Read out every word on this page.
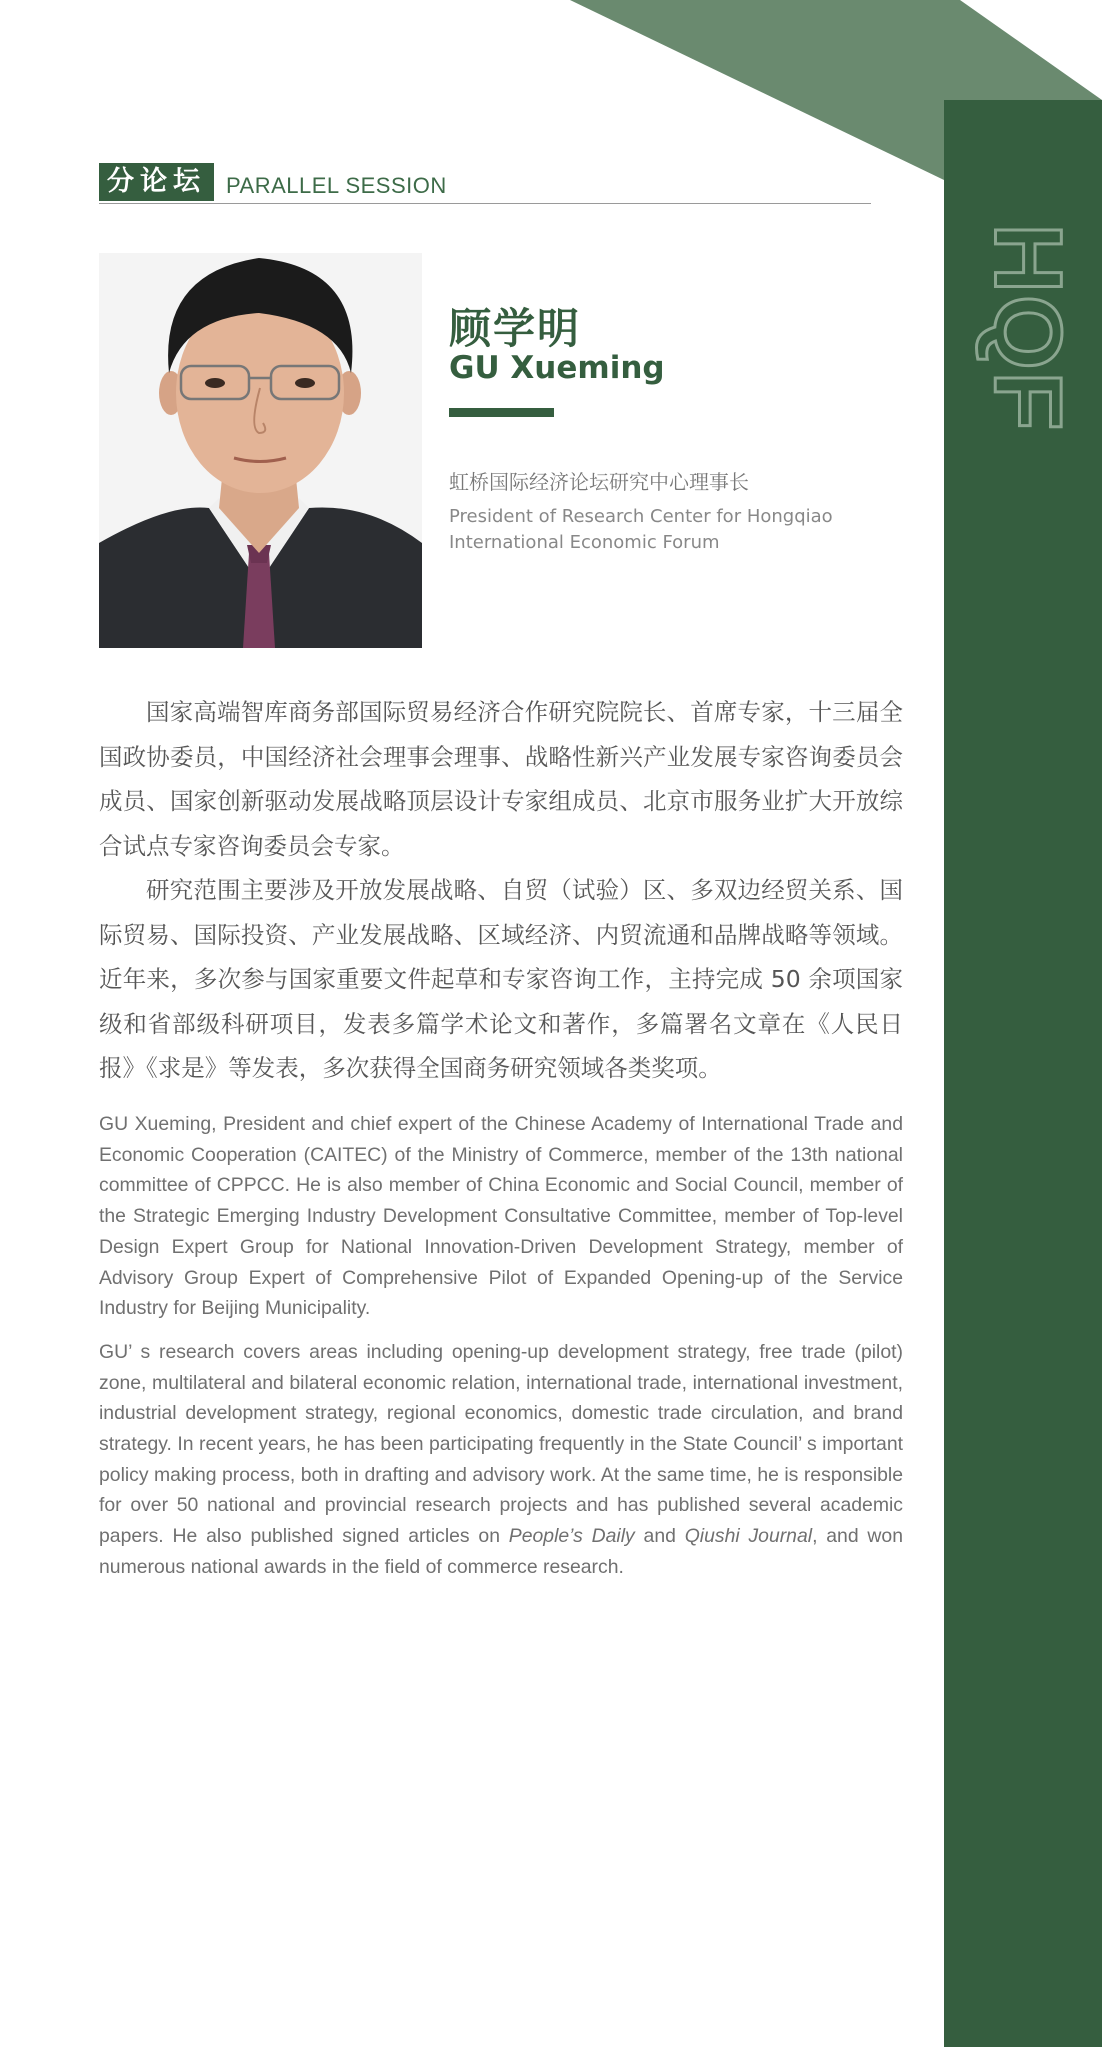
HQF
分论坛 PARALLEL SESSION
顾学明
GU Xueming
虹桥国际经济论坛研究中心理事长
President of Research Center for Hongqiao International Economic Forum

国家高端智库商务部国际贸易经济合作研究院院长、首席专家，十三届全国政协委员，中国经济社会理事会理事、战略性新兴产业发展专家咨询委员会成员、国家创新驱动发展战略顶层设计专家组成员、北京市服务业扩大开放综合试点专家咨询委员会专家。

研究范围主要涉及开放发展战略、自贸（试验）区、多双边经贸关系、国际贸易、国际投资、产业发展战略、区域经济、内贸流通和品牌战略等领域。近年来，多次参与国家重要文件起草和专家咨询工作，主持完成 50 余项国家级和省部级科研项目，发表多篇学术论文和著作，多篇署名文章在《人民日报》《求是》等发表，多次获得全国商务研究领域各类奖项。

GU Xueming, President and chief expert of the Chinese Academy of International Trade and Economic Cooperation (CAITEC) of the Ministry of Commerce, member of the 13th national committee of CPPCC. He is also member of China Economic and Social Council, member of the Strategic Emerging Industry Development Consultative Committee, member of Top-level Design Expert Group for National Innovation-Driven Development Strategy, member of Advisory Group Expert of Comprehensive Pilot of Expanded Opening-up of the Service Industry for Beijing Municipality.

GU’ s research covers areas including opening-up development strategy, free trade (pilot) zone, multilateral and bilateral economic relation, international trade, international investment, industrial development strategy, regional economics, domestic trade circulation, and brand strategy. In recent years, he has been participating frequently in the State Council’ s important policy making process, both in drafting and advisory work. At the same time, he is responsible for over 50 national and provincial research projects and has published several academic papers. He also published signed articles on People’s Daily and Qiushi Journal, and won numerous national awards in the field of commerce research.
